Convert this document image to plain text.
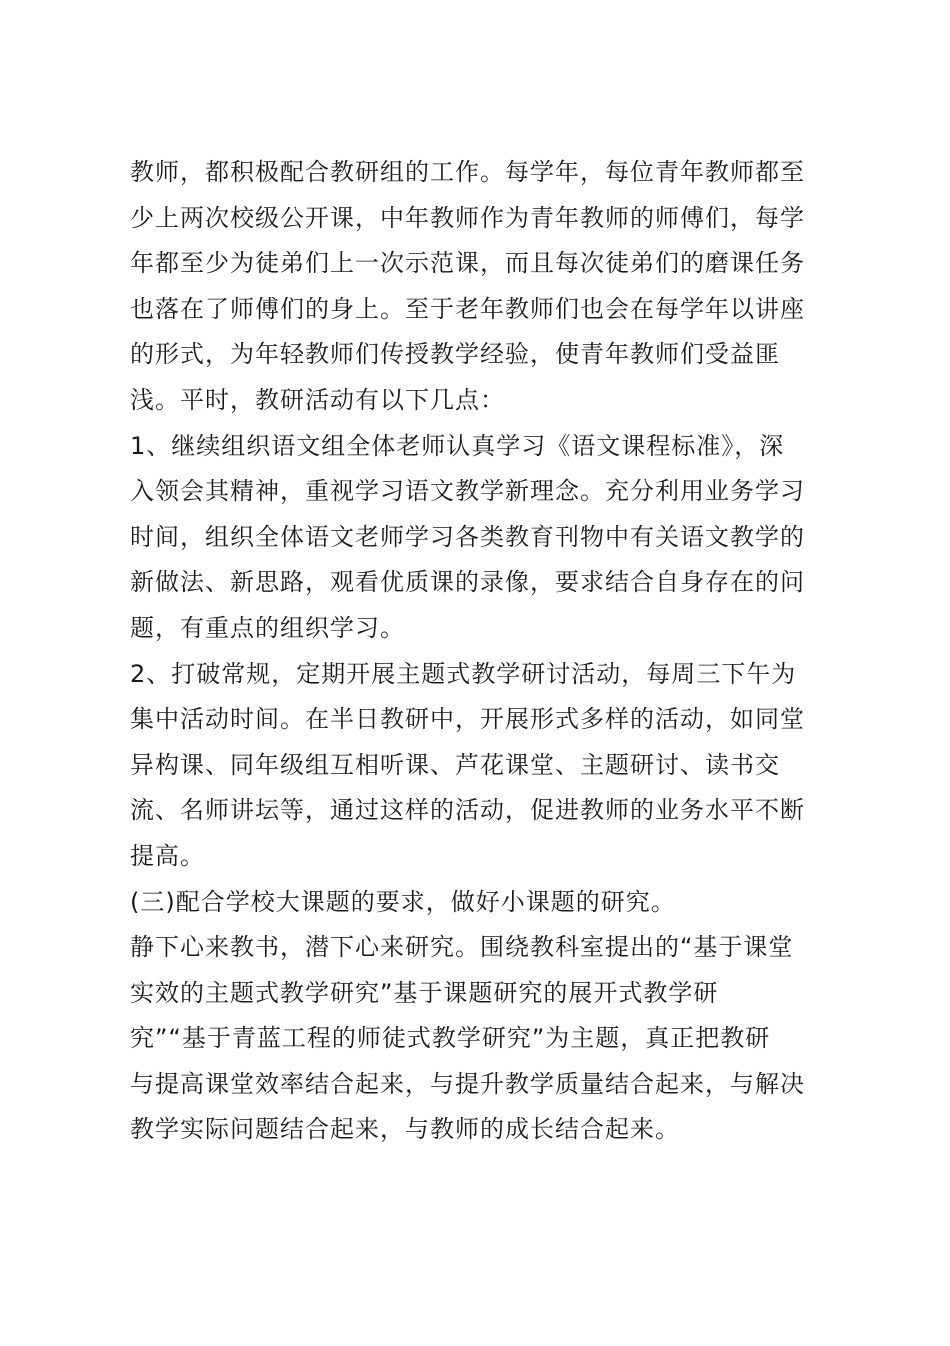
教师，都积极配合教研组的工作。每学年，每位青年教师都至
少上两次校级公开课，中年教师作为青年教师的师傅们，每学
年都至少为徒弟们上一次示范课，而且每次徒弟们的磨课任务
也落在了师傅们的身上。至于老年教师们也会在每学年以讲座
的形式，为年轻教师们传授教学经验，使青年教师们受益匪
浅。平时，教研活动有以下几点：
1、继续组织语文组全体老师认真学习《语文课程标准》，深
入领会其精神，重视学习语文教学新理念。充分利用业务学习
时间，组织全体语文老师学习各类教育刊物中有关语文教学的
新做法、新思路，观看优质课的录像，要求结合自身存在的问
题，有重点的组织学习。
2、打破常规，定期开展主题式教学研讨活动，每周三下午为
集中活动时间。在半日教研中，开展形式多样的活动，如同堂
异构课、同年级组互相听课、芦花课堂、主题研讨、读书交
流、名师讲坛等，通过这样的活动，促进教师的业务水平不断
提高。
(三)配合学校大课题的要求，做好小课题的研究。
静下心来教书，潜下心来研究。围绕教科室提出的“基于课堂
实效的主题式教学研究”基于课题研究的展开式教学研
究”“基于青蓝工程的师徒式教学研究”为主题，真正把教研
与提高课堂效率结合起来，与提升教学质量结合起来，与解决
教学实际问题结合起来，与教师的成长结合起来。
